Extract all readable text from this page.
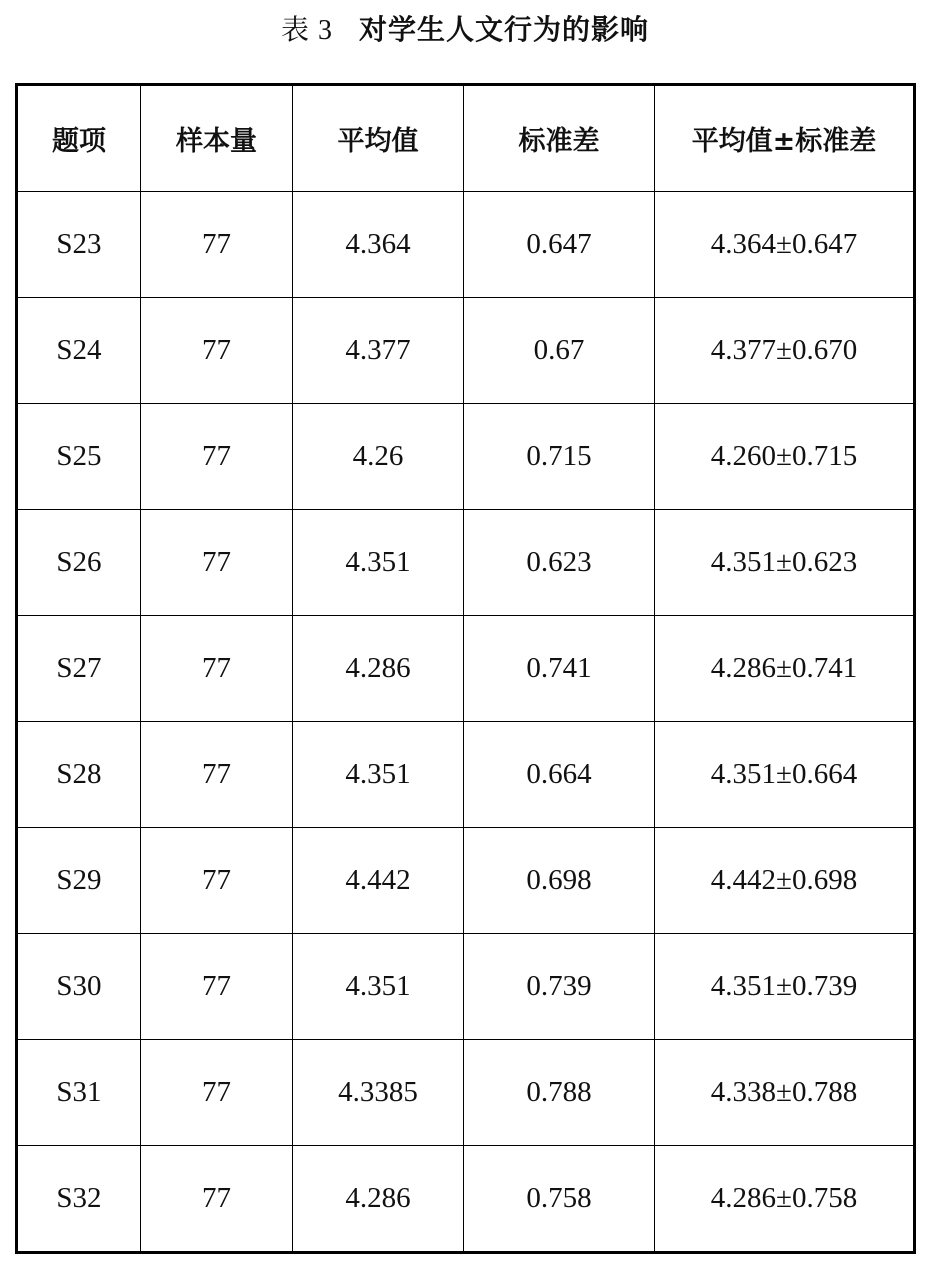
表 3 对学生人文行为的影响
题项	样本量	平均值	标准差	平均值±标准差
S23	77	4.364	0.647	4.364±0.647
S24	77	4.377	0.67	4.377±0.670
S25	77	4.26	0.715	4.260±0.715
S26	77	4.351	0.623	4.351±0.623
S27	77	4.286	0.741	4.286±0.741
S28	77	4.351	0.664	4.351±0.664
S29	77	4.442	0.698	4.442±0.698
S30	77	4.351	0.739	4.351±0.739
S31	77	4.3385	0.788	4.338±0.788
S32	77	4.286	0.758	4.286±0.758
